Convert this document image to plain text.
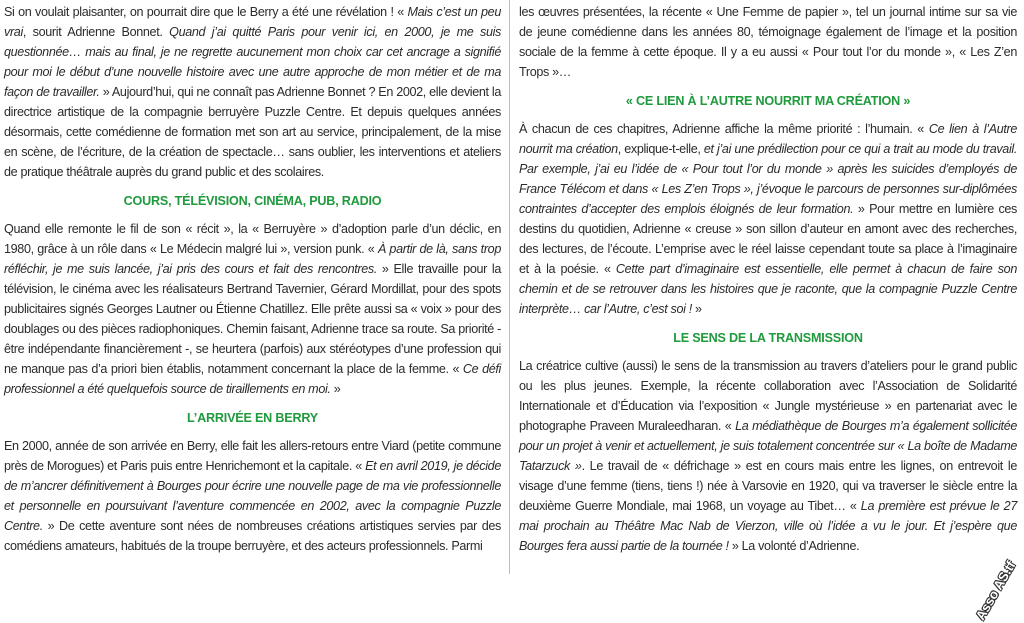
Si on voulait plaisanter, on pourrait dire que le Berry a été une révélation ! « Mais c’est un peu vrai, sourit Adrienne Bonnet. Quand j’ai quitté Paris pour venir ici, en 2000, je me suis questionnée… mais au final, je ne regrette aucunement mon choix car cet ancrage a signifié pour moi le début d’une nouvelle histoire avec une autre approche de mon métier et de ma façon de travailler. » Aujourd’hui, qui ne connaît pas Adrienne Bonnet ? En 2002, elle devient la directrice artistique de la compagnie berruyère Puzzle Centre. Et depuis quelques années désormais, cette comédienne de formation met son art au service, principalement, de la mise en scène, de l’écriture, de la création de spectacle… sans oublier, les interventions et ateliers de pratique théâtrale auprès du grand public et des scolaires.

COURS, TÉLÉVISION, CINÉMA, PUB, RADIO

Quand elle remonte le fil de son « récit », la « Berruyère » d’adoption parle d’un déclic, en 1980, grâce à un rôle dans « Le Médecin malgré lui », version punk. « À partir de là, sans trop réfléchir, je me suis lancée, j’ai pris des cours et fait des rencontres. » Elle travaille pour la télévision, le cinéma avec les réalisateurs Bertrand Tavernier, Gérard Mordillat, pour des spots publicitaires signés Georges Lautner ou Étienne Chatillez. Elle prête aussi sa « voix » pour des doublages ou des pièces radiophoniques. Chemin faisant, Adrienne trace sa route. Sa priorité - être indépendante financièrement -, se heurtera (parfois) aux stéréotypes d’une profession qui ne manque pas d’a priori bien établis, notamment concernant la place de la femme. « Ce défi professionnel a été quelquefois source de tiraillements en moi. »

L’ARRIVÉE EN BERRY

En 2000, année de son arrivée en Berry, elle fait les allers-retours entre Viard (petite commune près de Morogues) et Paris puis entre Henrichemont et la capitale. « Et en avril 2019, je décide de m’ancrer définitivement à Bourges pour écrire une nouvelle page de ma vie professionnelle et personnelle en poursuivant l’aventure commencée en 2002, avec la compagnie Puzzle Centre. » De cette aventure sont nées de nombreuses créations artistiques servies par des comédiens amateurs, habitués de la troupe berruyère, et des acteurs professionnels. Parmi

les œuvres présentées, la récente « Une Femme de papier », tel un journal intime sur sa vie de jeune comédienne dans les années 80, témoignage également de l’image et la position sociale de la femme à cette époque. Il y a eu aussi « Pour tout l’or du monde », « Les Z’en Trops »…

« CE LIEN À L’AUTRE NOURRIT MA CRÉATION »

À chacun de ces chapitres, Adrienne affiche la même priorité : l’humain. « Ce lien à l’Autre nourrit ma création, explique-t-elle, et j’ai une prédilection pour ce qui a trait au mode du travail. Par exemple, j’ai eu l’idée de « Pour tout l’or du monde » après les suicides d’employés de France Télécom et dans « Les Z’en Trops », j’évoque le parcours de personnes sur-diplômées contraintes d’accepter des emplois éloignés de leur formation. » Pour mettre en lumière ces destins du quotidien, Adrienne « creuse » son sillon d’auteur en amont avec des recherches, des lectures, de l’écoute. L’emprise avec le réel laisse cependant toute sa place à l’imaginaire et à la poésie. « Cette part d’imaginaire est essentielle, elle permet à chacun de faire son chemin et de se retrouver dans les histoires que je raconte, que la compagnie Puzzle Centre interprète… car l’Autre, c’est soi ! »

LE SENS DE LA TRANSMISSION

La créatrice cultive (aussi) le sens de la transmission au travers d’ateliers pour le grand public ou les plus jeunes. Exemple, la récente collaboration avec l’Association de Solidarité Internationale et d’Éducation via l’exposition « Jungle mystérieuse » en partenariat avec le photographe Praveen Muraleedharan. « La médiathèque de Bourges m’a également sollicitée pour un projet à venir et actuellement, je suis totalement concentrée sur « La boîte de Madame Tatarzuck ». Le travail de « défrichage » est en cours mais entre les lignes, on entrevoit le visage d’une femme (tiens, tiens !) née à Varsovie en 1920, qui va traverser le siècle entre la deuxième Guerre Mondiale, mai 1968, un voyage au Tibet… « La première est prévue le 27 mai prochain au Théâtre Mac Nab de Vierzon, ville où l’idée a vu le jour. Et j’espère que Bourges fera aussi partie de la tournée ! » La volonté d’Adrienne.

Asso AS.tf
